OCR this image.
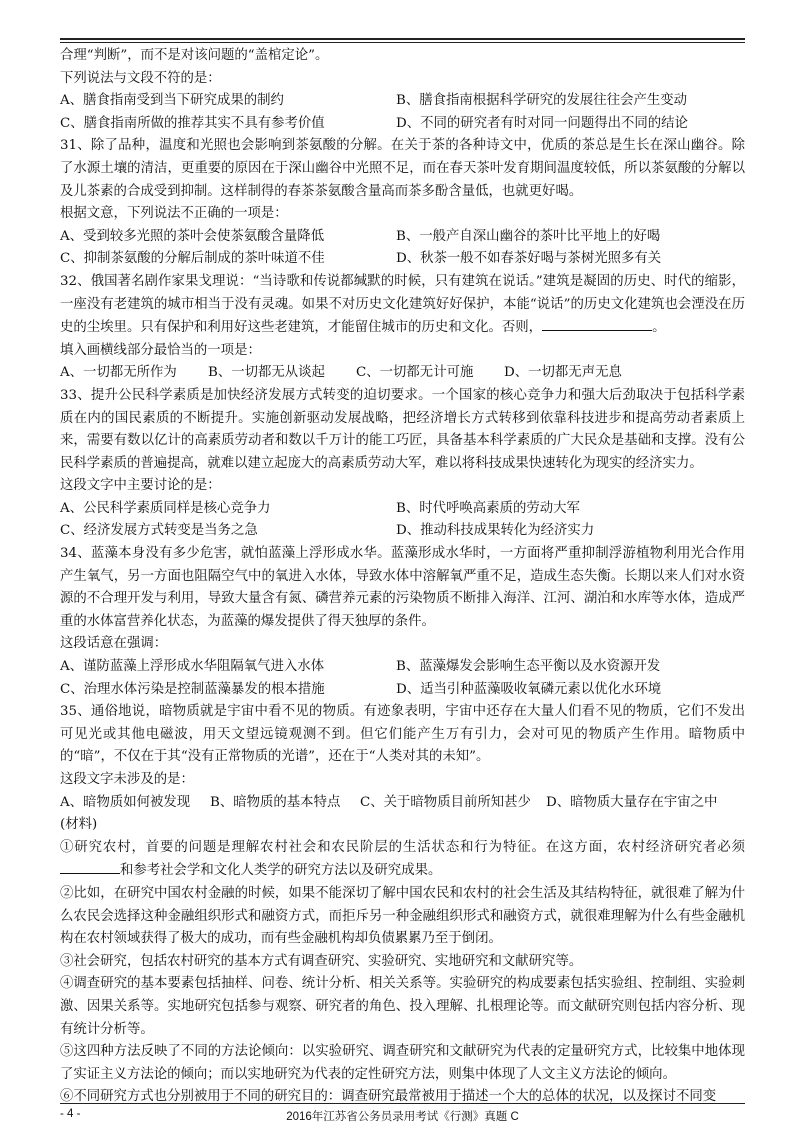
合理“判断”，而不是对该问题的“盖棺定论”。

下列说法与文段不符的是：

A、膳食指南受到当下研究成果的制约	B、膳食指南根据科学研究的发展往往会产生变动
C、膳食指南所做的推荐其实不具有参考价值	D、不同的研究者有时对同一问题得出不同的结论

31、除了品种，温度和光照也会影响到茶氨酸的分解。在关于茶的各种诗文中，优质的茶总是生长在深山幽谷。除了水源土壤的清洁，更重要的原因在于深山幽谷中光照不足，而在春天茶叶发育期间温度较低，所以茶氨酸的分解以及儿茶素的合成受到抑制。这样制得的春茶茶氨酸含量高而茶多酚含量低，也就更好喝。

根据文意，下列说法不正确的一项是：

A、受到较多光照的茶叶会使茶氨酸含量降低	B、一般产自深山幽谷的茶叶比平地上的好喝
C、抑制茶氨酸的分解后制成的茶叶味道不佳	D、秋茶一般不如春茶好喝与茶树光照多有关

32、俄国著名剧作家果戈理说：“当诗歌和传说都缄默的时候，只有建筑在说话。”建筑是凝固的历史、时代的缩影，一座没有老建筑的城市相当于没有灵魂。如果不对历史文化建筑好好保护，本能“说话”的历史文化建筑也会湮没在历史的尘埃里。只有保护和利用好这些老建筑，才能留住城市的历史和文化。否则，	。

填入画横线部分最恰当的一项是：

A、一切都无所作为	B、一切都无从谈起	C、一切都无计可施	D、一切都无声无息

33、提升公民科学素质是加快经济发展方式转变的迫切要求。一个国家的核心竞争力和强大后劲取决于包括科学素质在内的国民素质的不断提升。实施创新驱动发展战略，把经济增长方式转移到依靠科技进步和提高劳动者素质上来，需要有数以亿计的高素质劳动者和数以千万计的能工巧匠，具备基本科学素质的广大民众是基础和支撑。没有公民科学素质的普遍提高，就难以建立起庞大的高素质劳动大军，难以将科技成果快速转化为现实的经济实力。

这段文字中主要讨论的是：

A、公民科学素质同样是核心竞争力	B、时代呼唤高素质的劳动大军
C、经济发展方式转变是当务之急	D、推动科技成果转化为经济实力

34、蓝藻本身没有多少危害，就怕蓝藻上浮形成水华。蓝藻形成水华时，一方面将严重抑制浮游植物利用光合作用产生氧气，另一方面也阻隔空气中的氧进入水体，导致水体中溶解氧严重不足，造成生态失衡。长期以来人们对水资源的不合理开发与利用，导致大量含有氮、磷营养元素的污染物质不断排入海洋、江河、湖泊和水库等水体，造成严重的水体富营养化状态，为蓝藻的爆发提供了得天独厚的条件。

这段话意在强调：

A、谨防蓝藻上浮形成水华阻隔氧气进入水体	B、蓝藻爆发会影响生态平衡以及水资源开发
C、治理水体污染是控制蓝藻暴发的根本措施	D、适当引种蓝藻吸收氧磷元素以优化水环境

35、通俗地说，暗物质就是宇宙中看不见的物质。有迹象表明，宇宙中还存在大量人们看不见的物质，它们不发出可见光或其他电磁波，用天文望远镜观测不到。但它们能产生万有引力，会对可见的物质产生作用。暗物质中的“暗”，不仅在于其“没有正常物质的光谱”，还在于“人类对其的未知”。

这段文字未涉及的是：

A、暗物质如何被发现	B、暗物质的基本特点	C、关于暗物质目前所知甚少	D、暗物质大量存在宇宙之中

(材料)

①研究农村，首要的问题是理解农村社会和农民阶层的生活状态和行为特征。在这方面，农村经济研究者必须和参考社会学和文化人类学的研究方法以及研究成果。

②比如，在研究中国农村金融的时候，如果不能深切了解中国农民和农村的社会生活及其结构特征，就很难了解为什么农民会选择这种金融组织形式和融资方式，而拒斥另一种金融组织形式和融资方式，就很难理解为什么有些金融机构在农村领域获得了极大的成功，而有些金融机构却负债累累乃至于倒闭。

③社会研究，包括农村研究的基本方式有调查研究、实验研究、实地研究和文献研究等。

④调查研究的基本要素包括抽样、问卷、统计分析、相关关系等。实验研究的构成要素包括实验组、控制组、实验刺激、因果关系等。实地研究包括参与观察、研究者的角色、投入理解、扎根理论等。而文献研究则包括内容分析、现有统计分析等。

⑤这四种方法反映了不同的方法论倾向：以实验研究、调查研究和文献研究为代表的定量研究方式，比较集中地体现了实证主义方法论的倾向；而以实地研究为代表的定性研究方法，则集中体现了人文主义方法论的倾向。

⑥不同研究方式也分别被用于不同的研究目的：调查研究最常被用于描述一个大的总体的状况，以及探讨不同变

- 4 -	2016年江苏省公务员录用考试《行测》真题 C
